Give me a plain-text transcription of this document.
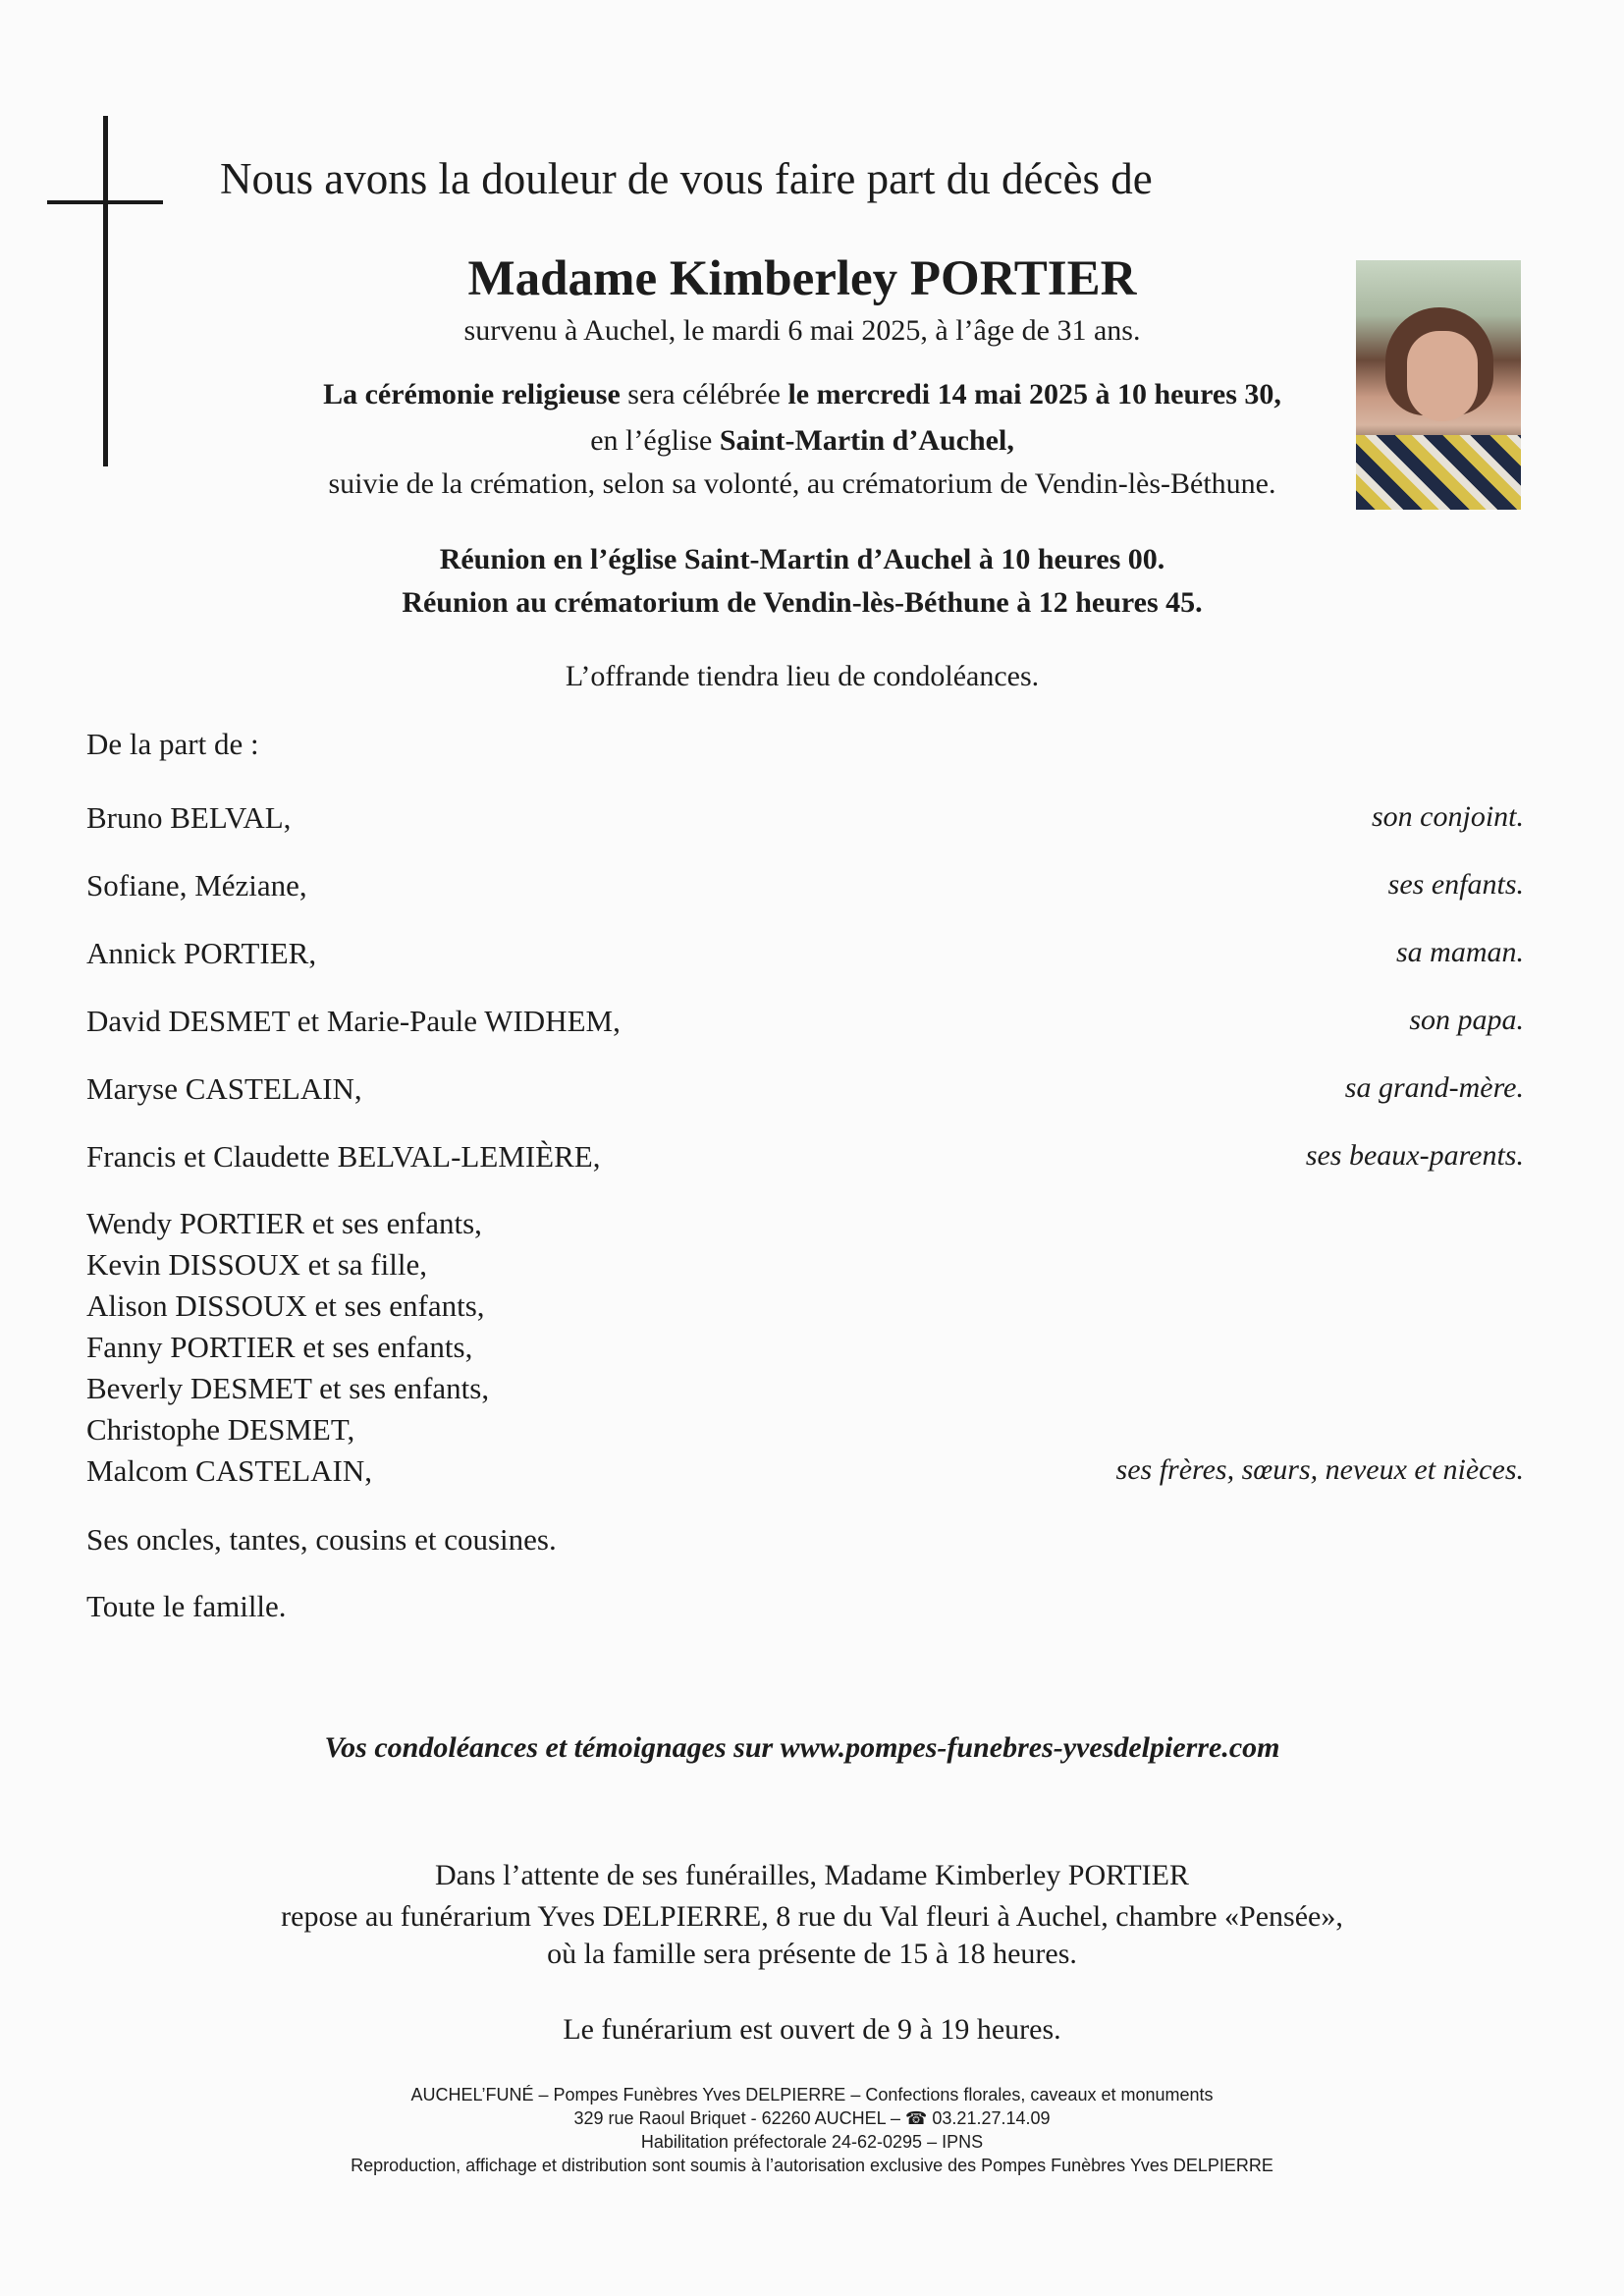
Nous avons la douleur de vous faire part du décès de
Madame Kimberley PORTIER
survenu à Auchel, le mardi 6 mai 2025, à l’âge de 31 ans.
La cérémonie religieuse sera célébrée le mercredi 14 mai 2025 à 10 heures 30,
en l’église Saint-Martin d’Auchel,
suivie de la crémation, selon sa volonté, au crématorium de Vendin-lès-Béthune.
Réunion en l’église Saint-Martin d’Auchel à 10 heures 00.
Réunion au crématorium de Vendin-lès-Béthune à 12 heures 45.
L’offrande tiendra lieu de condoléances.
De la part de :
Bruno BELVAL,	son conjoint.
Sofiane, Méziane,	ses enfants.
Annick PORTIER,	sa maman.
David DESMET et Marie-Paule WIDHEM,	son papa.
Maryse CASTELAIN,	sa grand-mère.
Francis et Claudette BELVAL-LEMIÈRE,	ses beaux-parents.
Wendy PORTIER et ses enfants,
Kevin DISSOUX et sa fille,
Alison DISSOUX et ses enfants,
Fanny PORTIER et ses enfants,
Beverly DESMET et ses enfants,
Christophe DESMET,
Malcom CASTELAIN,	ses frères, sœurs, neveux et nièces.
Ses oncles, tantes, cousins et cousines.
Toute le famille.
Vos condoléances et témoignages sur www.pompes-funebres-yvesdelpierre.com
Dans l’attente de ses funérailles, Madame Kimberley PORTIER
repose au funérarium Yves DELPIERRE, 8 rue du Val fleuri à Auchel, chambre «Pensée»,
où la famille sera présente de 15 à 18 heures.
Le funérarium est ouvert de 9 à 19 heures.
AUCHEL’FUNÉ – Pompes Funèbres Yves DELPIERRE – Confections florales, caveaux et monuments
329 rue Raoul Briquet - 62260 AUCHEL – ☎ 03.21.27.14.09
Habilitation préfectorale 24-62-0295 – IPNS
Reproduction, affichage et distribution sont soumis à l’autorisation exclusive des Pompes Funèbres Yves DELPIERRE
